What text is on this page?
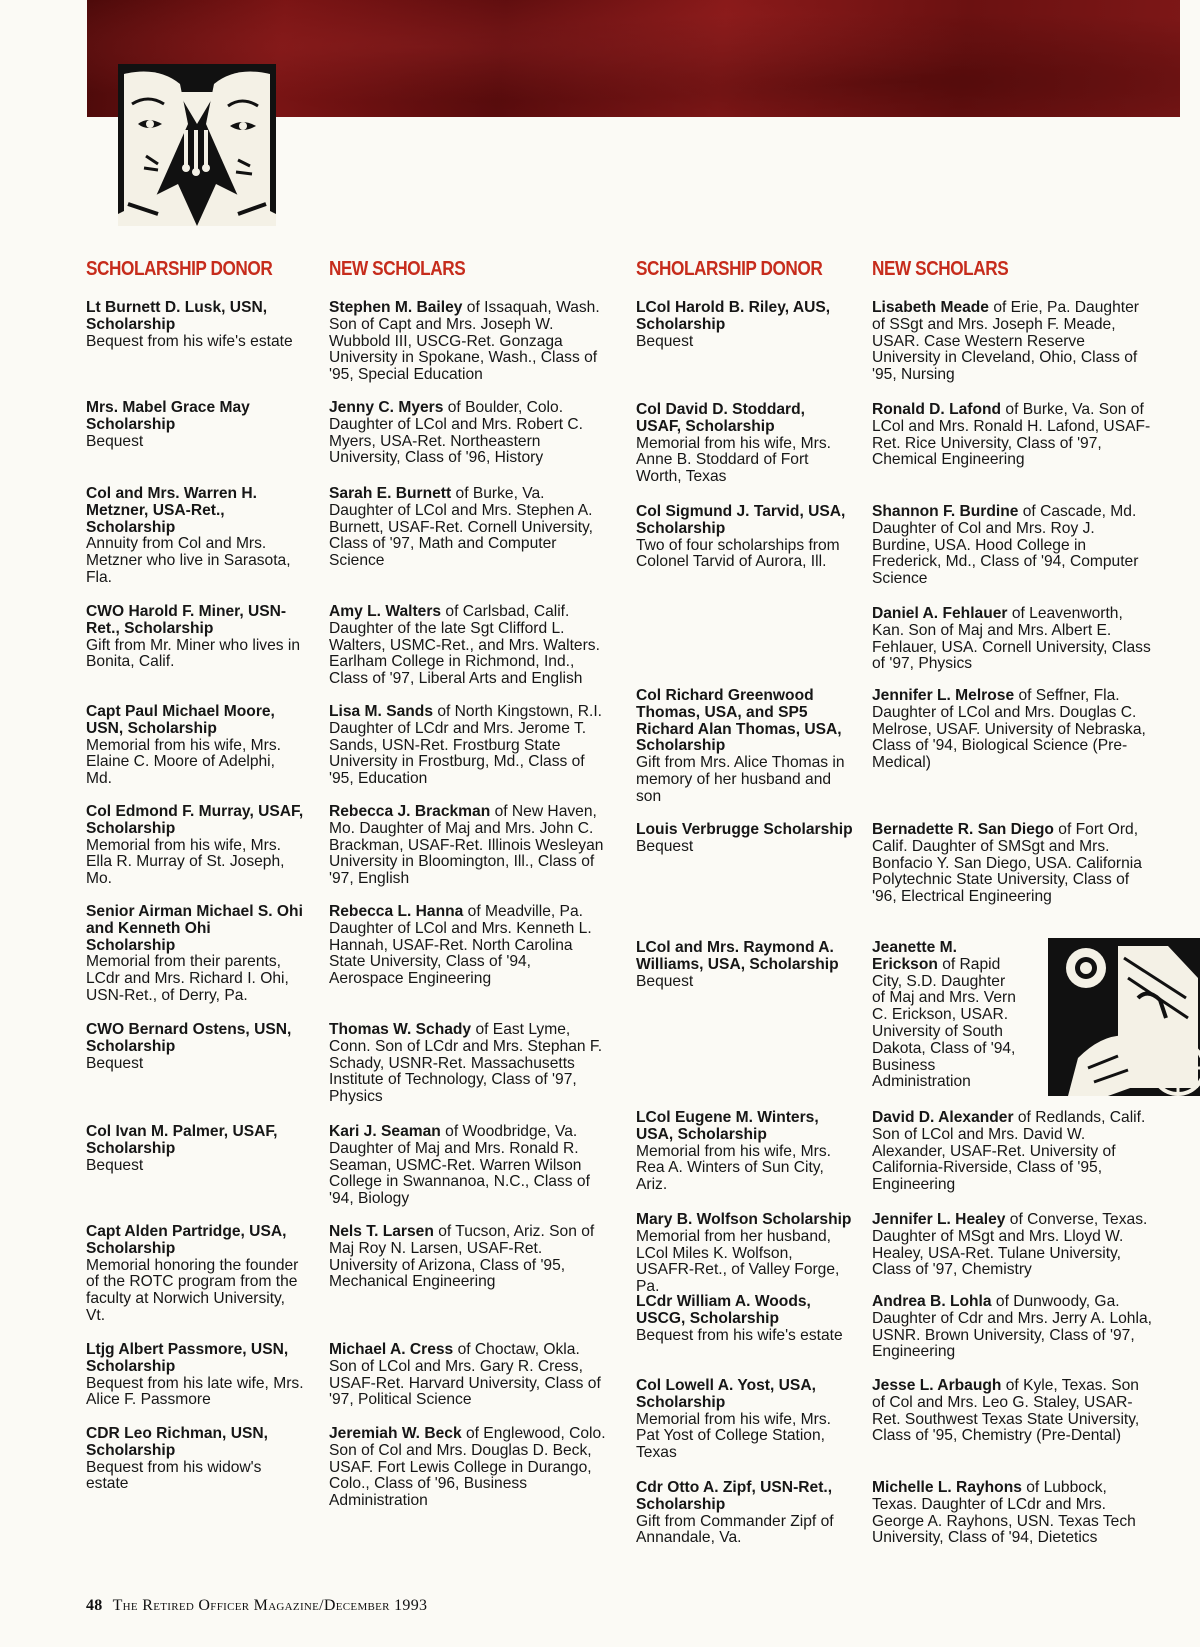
SCHOLARSHIP DONOR
Lt Burnett D. Lusk, USN, Scholarship
Bequest from his wife's estate
Mrs. Mabel Grace May Scholarship
Bequest
Col and Mrs. Warren H. Metzner, USA-Ret., Scholarship
Annuity from Col and Mrs. Metzner who live in Sarasota, Fla.
CWO Harold F. Miner, USN-Ret., Scholarship
Gift from Mr. Miner who lives in Bonita, Calif.
Capt Paul Michael Moore, USN, Scholarship
Memorial from his wife, Mrs. Elaine C. Moore of Adelphi, Md.
Col Edmond F. Murray, USAF, Scholarship
Memorial from his wife, Mrs. Ella R. Murray of St. Joseph, Mo.
Senior Airman Michael S. Ohi and Kenneth Ohi Scholarship
Memorial from their parents, LCdr and Mrs. Richard I. Ohi, USN-Ret., of Derry, Pa.
CWO Bernard Ostens, USN, Scholarship
Bequest
Col Ivan M. Palmer, USAF, Scholarship
Bequest
Capt Alden Partridge, USA, Scholarship
Memorial honoring the founder of the ROTC program from the faculty at Norwich University, Vt.
Ltjg Albert Passmore, USN, Scholarship
Bequest from his late wife, Mrs. Alice F. Passmore
CDR Leo Richman, USN, Scholarship
Bequest from his widow's estate
NEW SCHOLARS
Stephen M. Bailey of Issaquah, Wash. Son of Capt and Mrs. Joseph W. Wubbold III, USCG-Ret. Gonzaga University in Spokane, Wash., Class of '95, Special Education
Jenny C. Myers of Boulder, Colo. Daughter of LCol and Mrs. Robert C. Myers, USA-Ret. Northeastern University, Class of '96, History
Sarah E. Burnett of Burke, Va. Daughter of LCol and Mrs. Stephen A. Burnett, USAF-Ret. Cornell University, Class of '97, Math and Computer Science
Amy L. Walters of Carlsbad, Calif. Daughter of the late Sgt Clifford L. Walters, USMC-Ret., and Mrs. Walters. Earlham College in Richmond, Ind., Class of '97, Liberal Arts and English
Lisa M. Sands of North Kingstown, R.I. Daughter of LCdr and Mrs. Jerome T. Sands, USN-Ret. Frostburg State University in Frostburg, Md., Class of '95, Education
Rebecca J. Brackman of New Haven, Mo. Daughter of Maj and Mrs. John C. Brackman, USAF-Ret. Illinois Wesleyan University in Bloomington, Ill., Class of '97, English
Rebecca L. Hanna of Meadville, Pa. Daughter of LCol and Mrs. Kenneth L. Hannah, USAF-Ret. North Carolina State University, Class of '94, Aerospace Engineering
Thomas W. Schady of East Lyme, Conn. Son of LCdr and Mrs. Stephan F. Schady, USNR-Ret. Massachusetts Institute of Technology, Class of '97, Physics
Kari J. Seaman of Woodbridge, Va. Daughter of Maj and Mrs. Ronald R. Seaman, USMC-Ret. Warren Wilson College in Swannanoa, N.C., Class of '94, Biology
Nels T. Larsen of Tucson, Ariz. Son of Maj Roy N. Larsen, USAF-Ret. University of Arizona, Class of '95, Mechanical Engineering
Michael A. Cress of Choctaw, Okla. Son of LCol and Mrs. Gary R. Cress, USAF-Ret. Harvard University, Class of '97, Political Science
Jeremiah W. Beck of Englewood, Colo. Son of Col and Mrs. Douglas D. Beck, USAF. Fort Lewis College in Durango, Colo., Class of '96, Business Administration
SCHOLARSHIP DONOR
LCol Harold B. Riley, AUS, Scholarship
Bequest
Col David D. Stoddard, USAF, Scholarship
Memorial from his wife, Mrs. Anne B. Stoddard of Fort Worth, Texas
Col Sigmund J. Tarvid, USA, Scholarship
Two of four scholarships from Colonel Tarvid of Aurora, Ill.
Col Richard Greenwood Thomas, USA, and SP5 Richard Alan Thomas, USA, Scholarship
Gift from Mrs. Alice Thomas in memory of her husband and son
Louis Verbrugge Scholarship
Bequest
LCol and Mrs. Raymond A. Williams, USA, Scholarship
Bequest
LCol Eugene M. Winters, USA, Scholarship
Memorial from his wife, Mrs. Rea A. Winters of Sun City, Ariz.
Mary B. Wolfson Scholarship
Memorial from her husband, LCol Miles K. Wolfson, USAFR-Ret., of Valley Forge, Pa.
LCdr William A. Woods, USCG, Scholarship
Bequest from his wife's estate
Col Lowell A. Yost, USA, Scholarship
Memorial from his wife, Mrs. Pat Yost of College Station, Texas
Cdr Otto A. Zipf, USN-Ret., Scholarship
Gift from Commander Zipf of Annandale, Va.
NEW SCHOLARS
Lisabeth Meade of Erie, Pa. Daughter of SSgt and Mrs. Joseph F. Meade, USAR. Case Western Reserve University in Cleveland, Ohio, Class of '95, Nursing
Ronald D. Lafond of Burke, Va. Son of LCol and Mrs. Ronald H. Lafond, USAF-Ret. Rice University, Class of '97, Chemical Engineering
Shannon F. Burdine of Cascade, Md. Daughter of Col and Mrs. Roy J. Burdine, USA. Hood College in Frederick, Md., Class of '94, Computer Science
Daniel A. Fehlauer of Leavenworth, Kan. Son of Maj and Mrs. Albert E. Fehlauer, USA. Cornell University, Class of '97, Physics
Jennifer L. Melrose of Seffner, Fla. Daughter of LCol and Mrs. Douglas C. Melrose, USAF. University of Nebraska, Class of '94, Biological Science (Pre-Medical)
Bernadette R. San Diego of Fort Ord, Calif. Daughter of SMSgt and Mrs. Bonfacio Y. San Diego, USA. California Polytechnic State University, Class of '96, Electrical Engineering
Jeanette M. Erickson of Rapid City, S.D. Daughter of Maj and Mrs. Vern C. Erickson, USAR. University of South Dakota, Class of '94, Business Administration
David D. Alexander of Redlands, Calif. Son of LCol and Mrs. David W. Alexander, USAF-Ret. University of California-Riverside, Class of '95, Engineering
Jennifer L. Healey of Converse, Texas. Daughter of MSgt and Mrs. Lloyd W. Healey, USA-Ret. Tulane University, Class of '97, Chemistry
Andrea B. Lohla of Dunwoody, Ga. Daughter of Cdr and Mrs. Jerry A. Lohla, USNR. Brown University, Class of '97, Engineering
Jesse L. Arbaugh of Kyle, Texas. Son of Col and Mrs. Leo G. Staley, USAR-Ret. Southwest Texas State University, Class of '95, Chemistry (Pre-Dental)
Michelle L. Rayhons of Lubbock, Texas. Daughter of LCdr and Mrs. George A. Rayhons, USN. Texas Tech University, Class of '94, Dietetics
48 The Retired Officer Magazine/December 1993
